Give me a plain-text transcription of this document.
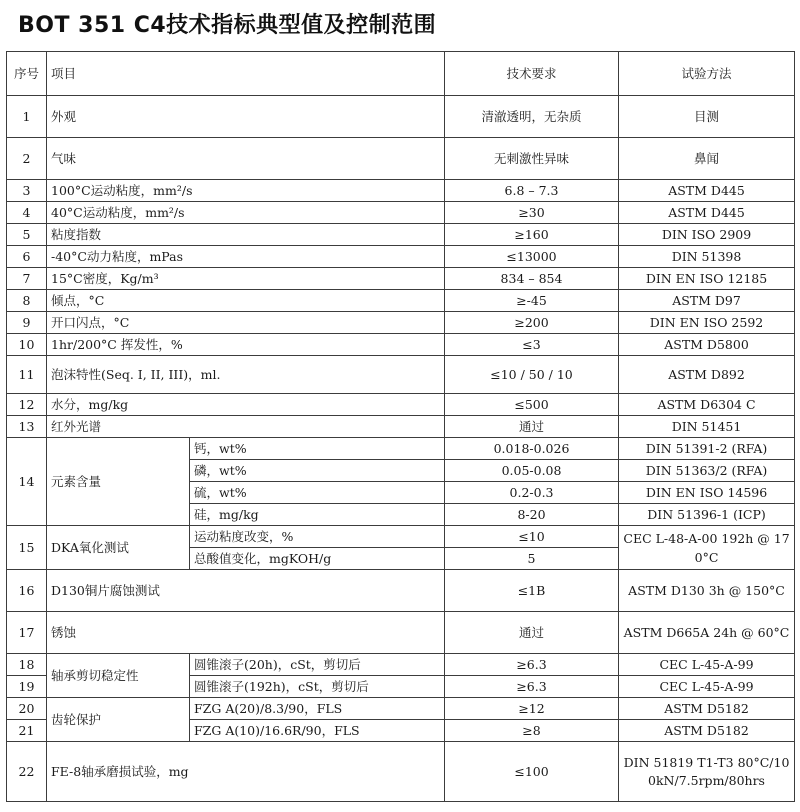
BOT 351 C4技术指标典型值及控制范围
序号	项目		技术要求	试验方法
1	外观		清澈透明，无杂质	目测
2	气味		无刺激性异味	鼻闻
3	100°C运动粘度，mm²/s		6.8 – 7.3	ASTM D445
4	40°C运动粘度，mm²/s		≥30	ASTM D445
5	粘度指数		≥160	DIN ISO 2909
6	-40°C动力粘度，mPas		≤13000	DIN 51398
7	15°C密度，Kg/m³		834 – 854	DIN EN ISO 12185
8	倾点，°C		≥-45	ASTM D97
9	开口闪点，°C		≥200	DIN EN ISO 2592
10	1hr/200°C 挥发性，%		≤3	ASTM D5800
11	泡沫特性(Seq. I, II, III)，ml.		≤10 / 50 / 10	ASTM D892
12	水分，mg/kg		≤500	ASTM D6304 C
13	红外光谱		通过	DIN 51451
14	元素含量	钙，wt%	0.018-0.026	DIN 51391-2 (RFA)
		磷，wt%	0.05-0.08	DIN 51363/2 (RFA)
		硫，wt%	0.2-0.3	DIN EN ISO 14596
		硅，mg/kg	8-20	DIN 51396-1 (ICP)
15	DKA氧化测试	运动粘度改变，%	≤10	CEC L-48-A-00 192h @ 170°C
		总酸值变化，mgKOH/g	5	
16	D130铜片腐蚀测试		≤1B	ASTM D130 3h @ 150°C
17	锈蚀		通过	ASTM D665A 24h @ 60°C
18	轴承剪切稳定性	圆锥滚子(20h)，cSt，剪切后	≥6.3	CEC L-45-A-99
19		圆锥滚子(192h)，cSt，剪切后	≥6.3	CEC L-45-A-99
20	齿轮保护	FZG A(20)/8.3/90，FLS	≥12	ASTM D5182
21		FZG A(10)/16.6R/90，FLS	≥8	ASTM D5182
22	FE-8轴承磨损试验，mg		≤100	DIN 51819 T1-T3 80°C/100kN/7.5rpm/80hrs
